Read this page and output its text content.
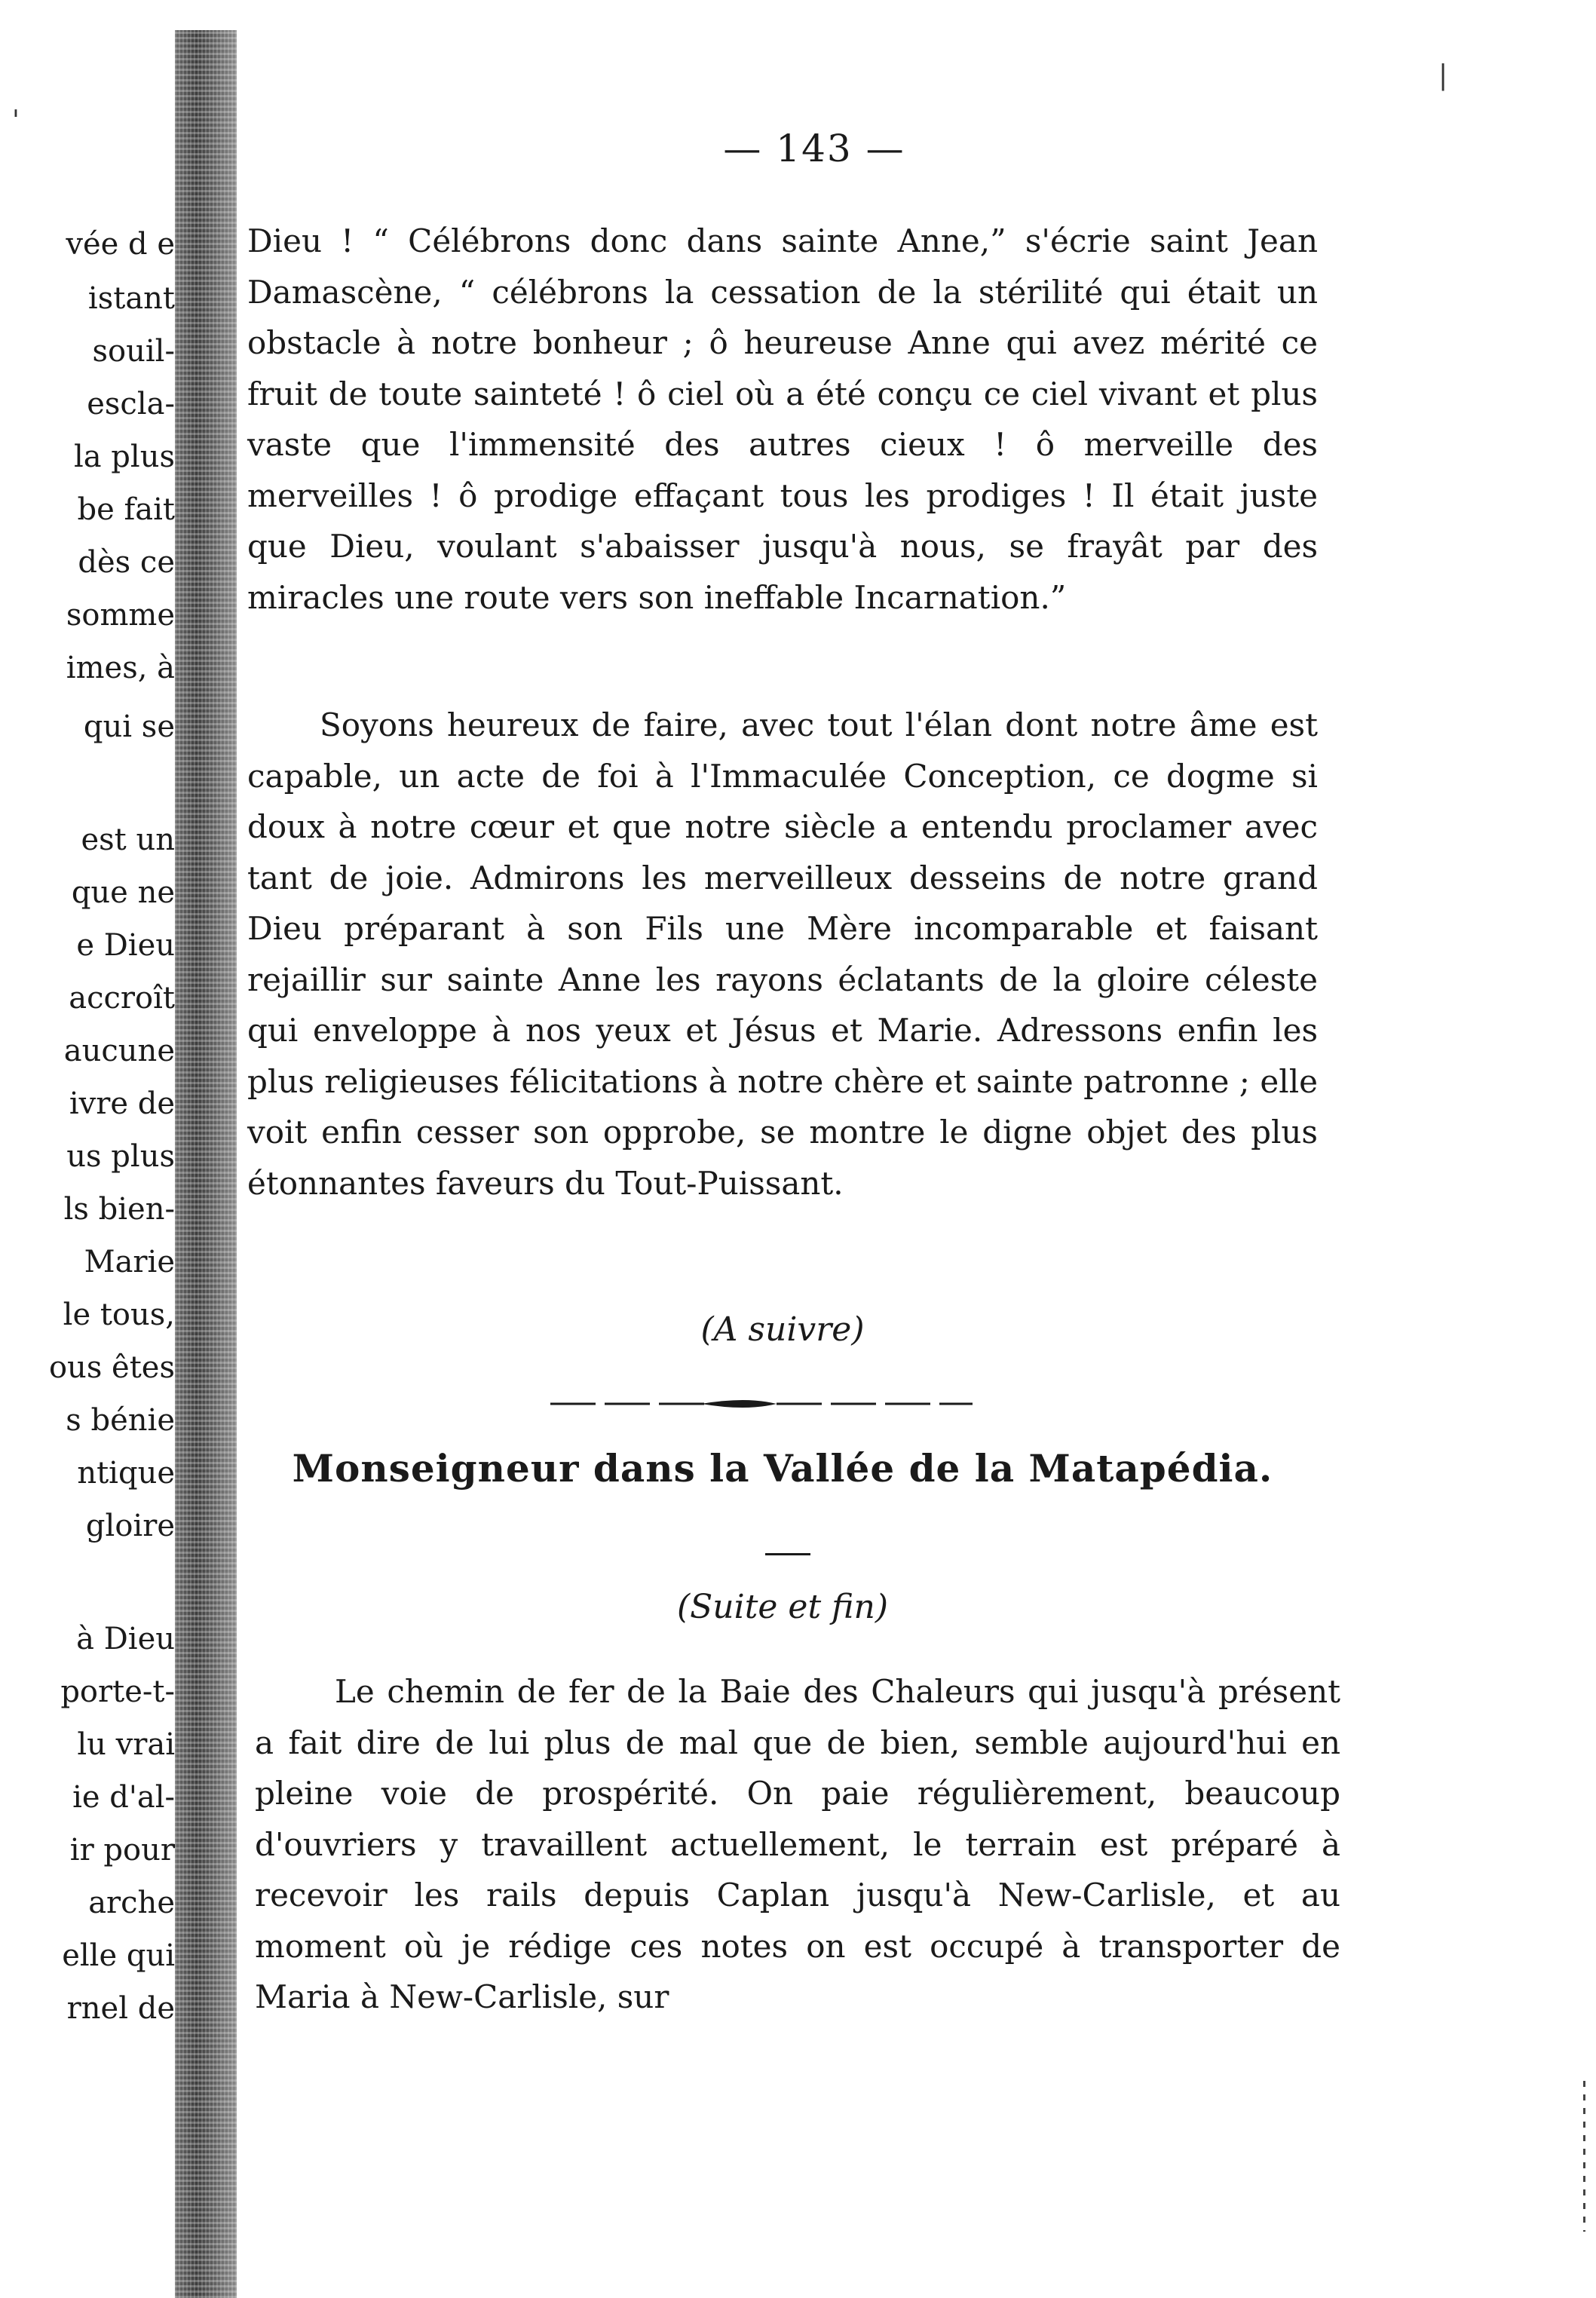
vée d e
istant
souil-
escla-
la plus
be fait
dès ce
somme
imes, à
qui se
est un
que ne
e Dieu
accroît
aucune
ivre de
us plus
ls bien-
Marie
le tous,
ous êtes
s bénie
ntique
gloire
à Dieu
porte-t-
lu vrai
ie d'al-
ir pour
arche
elle qui
rnel de
'
|
— 143 —

Dieu ! “ Célébrons donc dans sainte Anne,” s'écrie saint Jean Damascène, “ célébrons la cessation de la stérilité qui était un obstacle à notre bonheur ; ô heureuse Anne qui avez mérité ce fruit de toute sainteté ! ô ciel où a été conçu ce ciel vivant et plus vaste que l'immensité des autres cieux ! ô merveille des merveilles ! ô prodige effaçant tous les prodiges ! Il était juste que Dieu, voulant s'abaisser jusqu'à nous, se frayât par des miracles une route vers son ineffable Incarnation.”

Soyons heureux de faire, avec tout l'élan dont notre âme est capable, un acte de foi à l'Immaculée Conception, ce dogme si doux à notre cœur et que notre siècle a entendu proclamer avec tant de joie. Admirons les merveilleux desseins de notre grand Dieu préparant à son Fils une Mère incomparable et faisant rejaillir sur sainte Anne les rayons éclatants de la gloire céleste qui enveloppe à nos yeux et Jésus et Marie. Adressons enfin les plus religieuses félicitations à notre chère et sainte patronne ; elle voit enfin cesser son opprobe, se montre le digne objet des plus étonnantes faveurs du Tout-Puissant.

(A suivre)
Monseigneur dans la Vallée de la Matapédia.
(Suite et fin)

Le chemin de fer de la Baie des Chaleurs qui jusqu'à présent a fait dire de lui plus de mal que de bien, semble aujourd'hui en pleine voie de prospérité. On paie régulièrement, beaucoup d'ouvriers y travaillent actuellement, le terrain est préparé à recevoir les rails depuis Caplan jusqu'à New-Carlisle, et au moment où je rédige ces notes on est occupé à transporter de Maria à New-Carlisle, sur
